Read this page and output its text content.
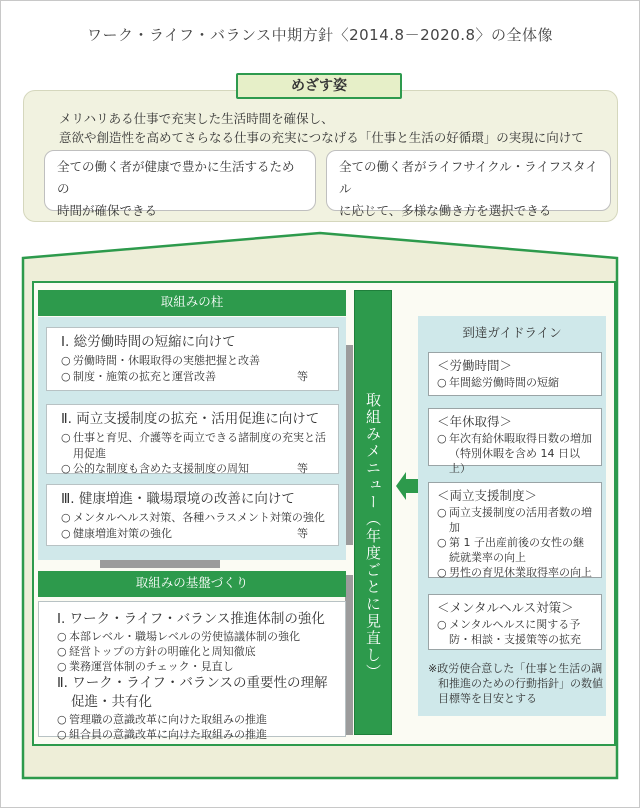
ワーク・ライフ・バランス中期方針〈2014.8－2020.8〉の全体像
めざす姿
メリハリある仕事で充実した生活時間を確保し、
意欲や創造性を高めてさらなる仕事の充実につなげる「仕事と生活の好循環」の実現に向けて
全ての働く者が健康で豊かに生活するための
時間が確保できる
全ての働く者がライフサイクル・ライフスタイル
に応じて、多様な働き方を選択できる
取組みの柱
Ⅰ. 総労働時間の短縮に向けて
○ 労働時間・休暇取得の実態把握と改善
○ 制度・施策の拡充と運営改善	等
Ⅱ. 両立支援制度の拡充・活用促進に向けて
○ 仕事と育児、介護等を両立できる諸制度の充実と活用促進
○ 公的な制度も含めた支援制度の周知	等
Ⅲ. 健康増進・職場環境の改善に向けて
○ メンタルヘルス対策、各種ハラスメント対策の強化
○ 健康増進対策の強化	等
取組みの基盤づくり
Ⅰ. ワーク・ライフ・バランス推進体制の強化
○ 本部レベル・職場レベルの労使協議体制の強化
○ 経営トップの方針の明確化と周知徹底
○ 業務運営体制のチェック・見直し
Ⅱ. ワーク・ライフ・バランスの重要性の理解
促進・共有化
○ 管理職の意識改革に向けた取組みの推進
○ 組合員の意識改革に向けた取組みの推進
取組みメニュー（年度ごとに見直し）
到達ガイドライン
＜労働時間＞
○ 年間総労働時間の短縮
＜年休取得＞
○ 年次有給休暇取得日数の増加（特別休暇を含め 14 日以上）
＜両立支援制度＞
○ 両立支援制度の活用者数の増加
○ 第 1 子出産前後の女性の継続就業率の向上
○ 男性の育児休業取得率の向上
＜メンタルヘルス対策＞
○ メンタルヘルスに関する予防・相談・支援策等の拡充
※政労使合意した「仕事と生活の調和推進のための行動指針」の数値目標等を目安とする
